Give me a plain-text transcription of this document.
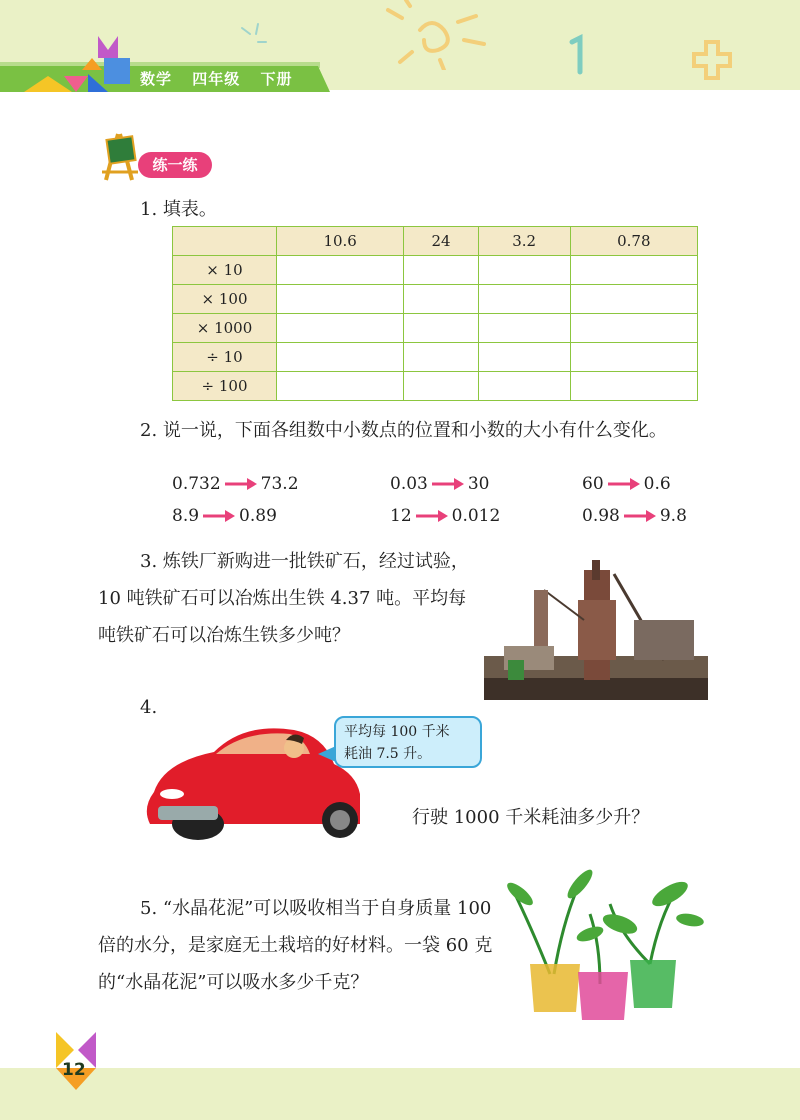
数学 四年级 下册
练一练
1. 填表。
	10.6	24	3.2	0.78
× 10				
× 100				
× 1000				
÷ 10				
÷ 100				
2. 说一说，下面各组数中小数点的位置和小数的大小有什么变化。
0.732 73.2	0.03 30	60 0.6
8.9 0.89	12 0.012	0.98 9.8
3. 炼铁厂新购进一批铁矿石，经过试验，10 吨铁矿石可以冶炼出生铁 4.37 吨。平均每吨铁矿石可以冶炼生铁多少吨？
4.
平均每 100 千米
耗油 7.5 升。
行驶 1000 千米耗油多少升？
5. “水晶花泥”可以吸收相当于自身质量 100 倍的水分，是家庭无土栽培的好材料。一袋 60 克的“水晶花泥”可以吸水多少千克？
12
